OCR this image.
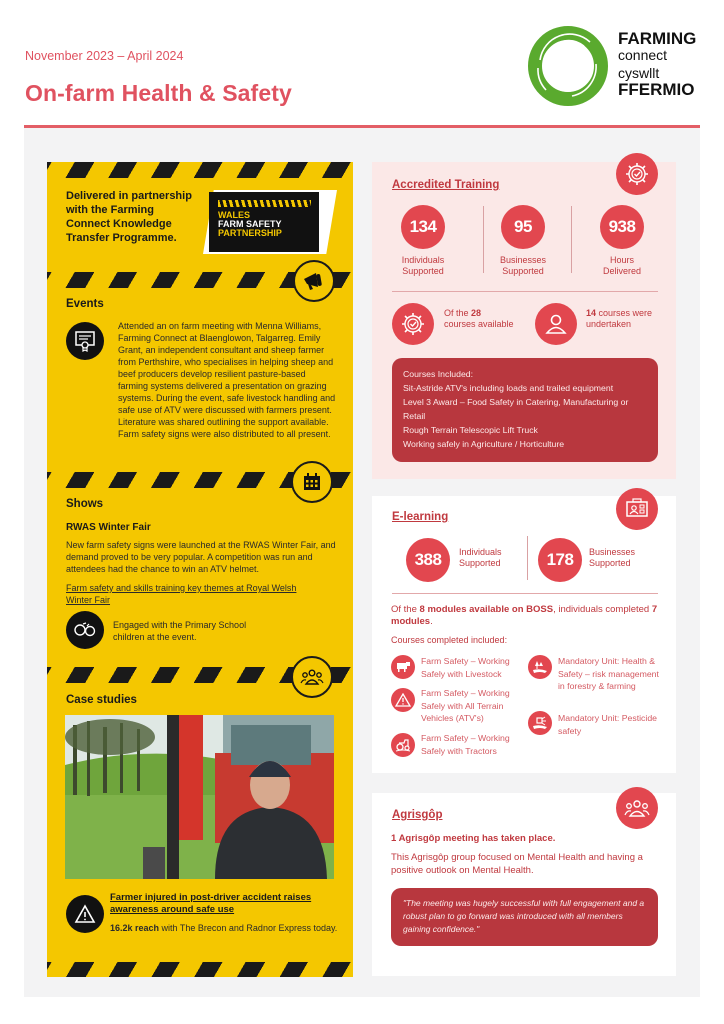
November 2023 – April 2024
On-farm Health & Safety
FARMING
connect
cyswllt
FFERMIO
Delivered in partnership with the Farming Connect Knowledge Transfer Programme.
WALES
FARM SAFETY
PARTNERSHIP
Events
Attended an on farm meeting with Menna Williams, Farming Connect at Blaenglowon, Talgarreg. Emily Grant, an independent consultant and sheep farmer from Perthshire, who specialises in helping sheep and beef producers develop resilient pasture-based farming systems delivered a presentation on grazing systems. During the event, safe livestock handling and safe use of ATV were discussed with farmers present. Literature was shared outlining the support available. Farm safety signs were also distributed to all present.
Shows
RWAS Winter Fair
New farm safety signs were launched at the RWAS Winter Fair, and demand proved to be very popular. A competition was run and attendees had the chance to win an ATV helmet.
Farm safety and skills training key themes at Royal Welsh Winter Fair
Engaged with the Primary School children at the event.
Case studies
Farmer injured in post-driver accident raises awareness around safe use
16.2k reach with The Brecon and Radnor Express today.
Accredited Training
134
Individuals
Supported
95
Businesses
Supported
938
Hours
Delivered
Of the 28
courses available
14 courses were
undertaken
Courses Included:
Sit-Astride ATV's including loads and trailed equipment
Level 3 Award – Food Safety in Catering, Manufacturing or Retail
Rough Terrain Telescopic Lift Truck
Working safely in Agriculture / Horticulture
E-learning
388	Individuals
Supported	178	Businesses
Supported
Of the 8 modules available on BOSS, individuals completed 7 modules.
Courses completed included:
Farm Safety – Working Safely with Livestock
Farm Safety – Working Safely with All Terrain Vehicles (ATV's)
Farm Safety – Working Safely with Tractors
Mandatory Unit: Health & Safety – risk management in forestry & farming
Mandatory Unit: Pesticide safety
Agrisgôp
1 Agrisgôp meeting has taken place.
This Agrisgôp group focused on Mental Health and having a positive outlook on Mental Health.
"The meeting was hugely successful with full engagement and a robust plan to go forward was introduced with all members gaining confidence."
